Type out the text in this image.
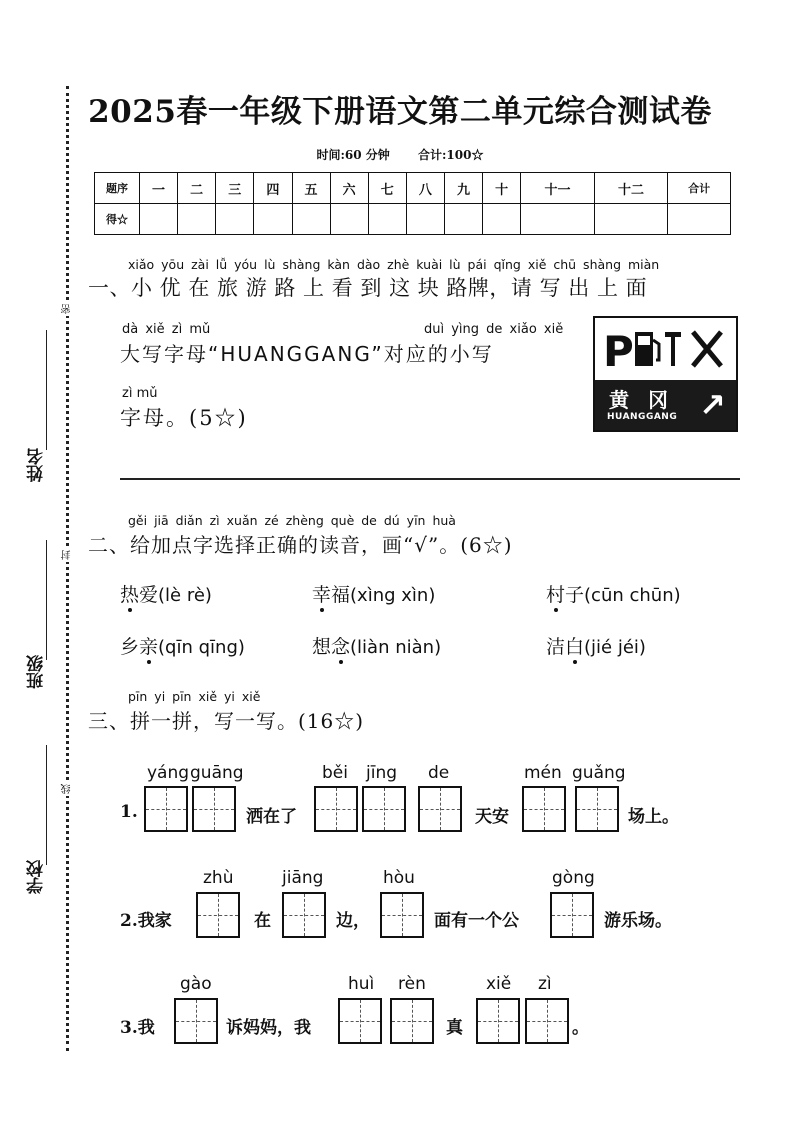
姓名
班级
学校
密
封
线
2025春一年级下册语文第二单元综合测试卷
时间:60 分钟 合计:100☆
题序	一	二	三	四	五	六	七	八	九	十	十一	十二	合计
得☆													
xiǎo yōu zài lǚ yóu lù shàng kàn dào zhè kuài lù pái qǐng xiě chū shàng miàn
一、小 优 在 旅 游 路 上 看 到 这 块 路牌，请 写 出 上 面
dà xiě zì mǔ	duì yìng de xiǎo xiě
大写字母“HUANGGANG”对应的小写
zì mǔ
字母。(5☆)
P
黄 冈
HUANGGANG ↗
gěi jiā diǎn zì xuǎn zé zhèng què de dú yīn huà
二、给加点字选择正确的读音，画“√”。(6☆)
热爱(lè rè)	幸福(xìng xìn)	村子(cūn chūn)
乡亲(qīn qīng)	想念(liàn niàn)	洁白(jié jéi)
pīn yi pīn xiě yi xiě
三、拼一拼，写一写。(16☆)
yáng guāng	běi jīng de	mén guǎng
1.	洒在了	天安	场上。
zhù	jiāng	hòu	gòng
2.我家	在	边，	面有一个公	游乐场。
gào	huì rèn	xiě zì
3.我	诉妈妈，我	真	。
